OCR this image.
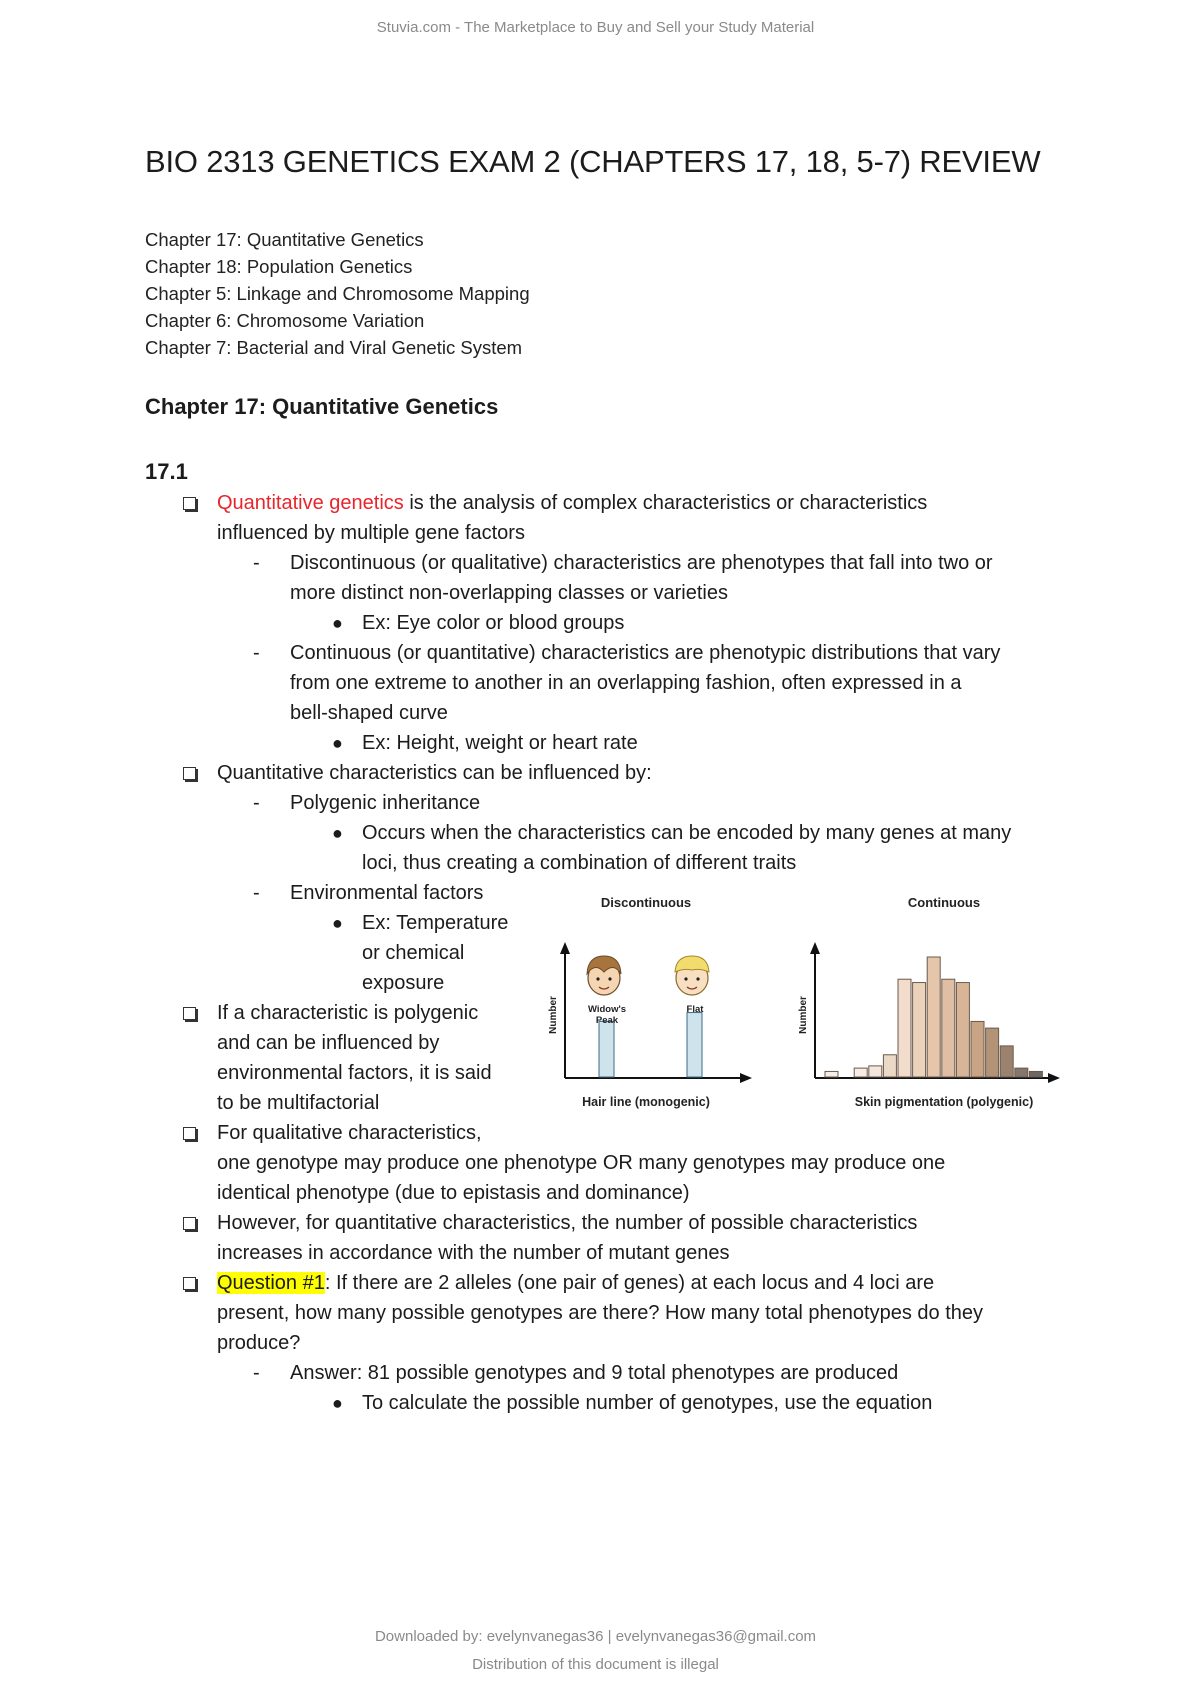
Stuvia.com - The Marketplace to Buy and Sell your Study Material
BIO 2313 GENETICS EXAM 2 (CHAPTERS 17, 18, 5-7) REVIEW
Chapter 17: Quantitative Genetics
Chapter 18: Population Genetics
Chapter 5: Linkage and Chromosome Mapping
Chapter 6: Chromosome Variation
Chapter 7: Bacterial and Viral Genetic System
Chapter 17: Quantitative Genetics
17.1
Quantitative genetics is the analysis of complex characteristics or characteristics
influenced by multiple gene factors
- Discontinuous (or qualitative) characteristics are phenotypes that fall into two or
more distinct non-overlapping classes or varieties
● Ex: Eye color or blood groups
- Continuous (or quantitative) characteristics are phenotypic distributions that vary
from one extreme to another in an overlapping fashion, often expressed in a
bell-shaped curve
● Ex: Height, weight or heart rate
Quantitative characteristics can be influenced by:
- Polygenic inheritance
● Occurs when the characteristics can be encoded by many genes at many
loci, thus creating a combination of different traits
- Environmental factors
● Ex: Temperature
or chemical
exposure
If a characteristic is polygenic
and can be influenced by
environmental factors, it is said
to be multifactorial
For qualitative characteristics,
one genotype may produce one phenotype OR many genotypes may produce one
identical phenotype (due to epistasis and dominance)
However, for quantitative characteristics, the number of possible characteristics
increases in accordance with the number of mutant genes
Question #1: If there are 2 alleles (one pair of genes) at each locus and 4 loci are
present, how many possible genotypes are there? How many total phenotypes do they
produce?
- Answer: 81 possible genotypes and 9 total phenotypes are produced
● To calculate the possible number of genotypes, use the equation
Discontinuous
Number	Widow's Peak
Flat
Hair line (monogenic)
Continuous
Number
Skin pigmentation (polygenic)
Downloaded by: evelynvanegas36 | evelynvanegas36@gmail.com
Distribution of this document is illegal
